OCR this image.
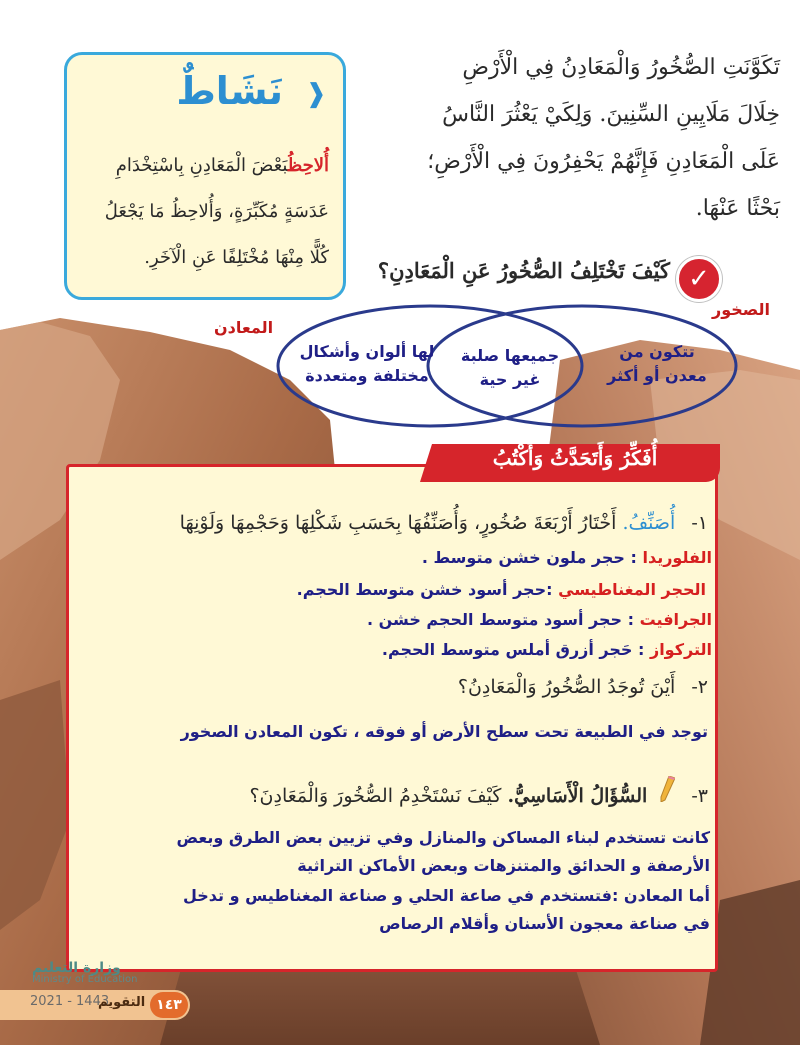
تَكَوَّنَتِ الصُّخُورُ وَالْمَعَادِنُ فِي الْأَرْضِ
خِلَالَ مَلَايِينِ السِّنِينَ. وَلِكَيْ يَعْثُرَ النَّاسُ
عَلَى الْمَعَادِنِ فَإِنَّهُمْ يَحْفِرُونَ فِي الْأَرْضِ؛
بَحْثًا عَنْهَا.
❰
نَشَاطٌ
أُلاحِظُبَعْضَ الْمَعَادِنِ بِاسْتِخْدَامِ
عَدَسَةٍ مُكَبِّرَةٍ، وَأُلاحِظُ مَا يَجْعَلُ
كُلًّا مِنْهَا مُخْتَلِفًا عَنِ الْآخَرِ.
✓
كَيْفَ تَخْتَلِفُ الصُّخُورُ عَنِ الْمَعَادِنِ؟
الصخور
المعادن
تتكون من
معدن أو أكثر
جميعها صلبة
غير حية
لها ألوان وأشكال
مختلفة ومتعددة
أُفَكِّرُ وَأَتَحَدَّثُ وَأَكْتُبُ
١- أُصَنِّفُ. أَخْتَارُ أَرْبَعَةَ صُخُورٍ، وَأُصَنِّفُهَا بِحَسَبِ شَكْلِهَا وَحَجْمِهَا وَلَوْنِهَا
الفلوريدا : حجر ملون خشن متوسط .
الحجر المغناطيسي :حجر أسود خشن متوسط الحجم.
الجرافيت : حجر أسود متوسط الحجم خشن .
التركواز : حَجر أزرق أملس متوسط الحجم.
٢- أَيْنَ تُوجَدُ الصُّخُورُ وَالْمَعَادِنُ؟
توجد في الطبيعة تحت سطح الأرض أو فوقه ، تكون المعادن الصخور
٣-  السُّؤَالُ الْأَسَاسِيُّ. كَيْفَ نَسْتَخْدِمُ الصُّخُورَ وَالْمَعَادِنَ؟
كانت تستخدم لبناء المساكن والمنازل وفي تزيين بعض الطرق وبعض
الأرصفة و الحدائق والمتنزهات وبعض الأماكن التراثية
أما المعادن :فتستخدم في صاعة الحلي و صناعة المغناطيس و تدخل
في صناعة معجون الأسنان وأقلام الرصاص
وزارة التعليم
Ministry of Education
2021 - 1443
التقويم ١٤٣
